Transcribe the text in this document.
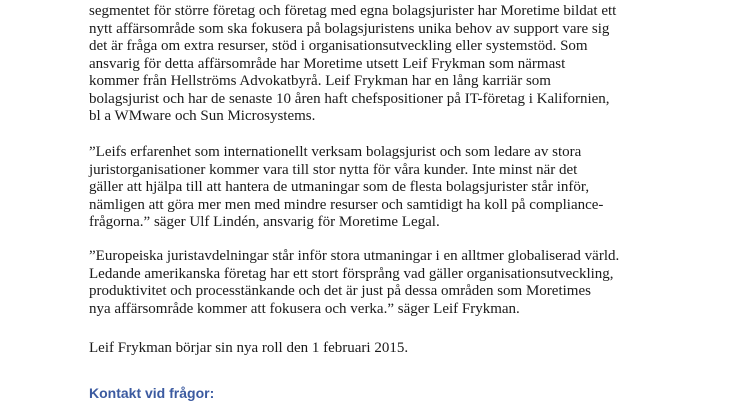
segmentet för större företag och företag med egna bolagsjurister har Moretime bildat ett
nytt affärsområde som ska fokusera på bolagsjuristens unika behov av support vare sig
det är fråga om extra resurser, stöd i organisationsutveckling eller systemstöd. Som
ansvarig för detta affärsområde har Moretime utsett Leif Frykman som närmast
kommer från Hellströms Advokatbyrå. Leif Frykman har en lång karriär som
bolagsjurist och har de senaste 10 åren haft chefspositioner på IT-företag i Kalifornien,
bl a WMware och Sun Microsystems.

”Leifs erfarenhet som internationellt verksam bolagsjurist och som ledare av stora
juristorganisationer kommer vara till stor nytta för våra kunder. Inte minst när det
gäller att hjälpa till att hantera de utmaningar som de flesta bolagsjurister står inför,
nämligen att göra mer men med mindre resurser och samtidigt ha koll på compliance-
frågorna.” säger Ulf Lindén, ansvarig för Moretime Legal.

”Europeiska juristavdelningar står inför stora utmaningar i en alltmer globaliserad värld.
Ledande amerikanska företag har ett stort försprång vad gäller organisationsutveckling,
produktivitet och processtänkande och det är just på dessa områden som Moretimes
nya affärsområde kommer att fokusera och verka.” säger Leif Frykman.

Leif Frykman börjar sin nya roll den 1 februari 2015.

Kontakt vid frågor:
